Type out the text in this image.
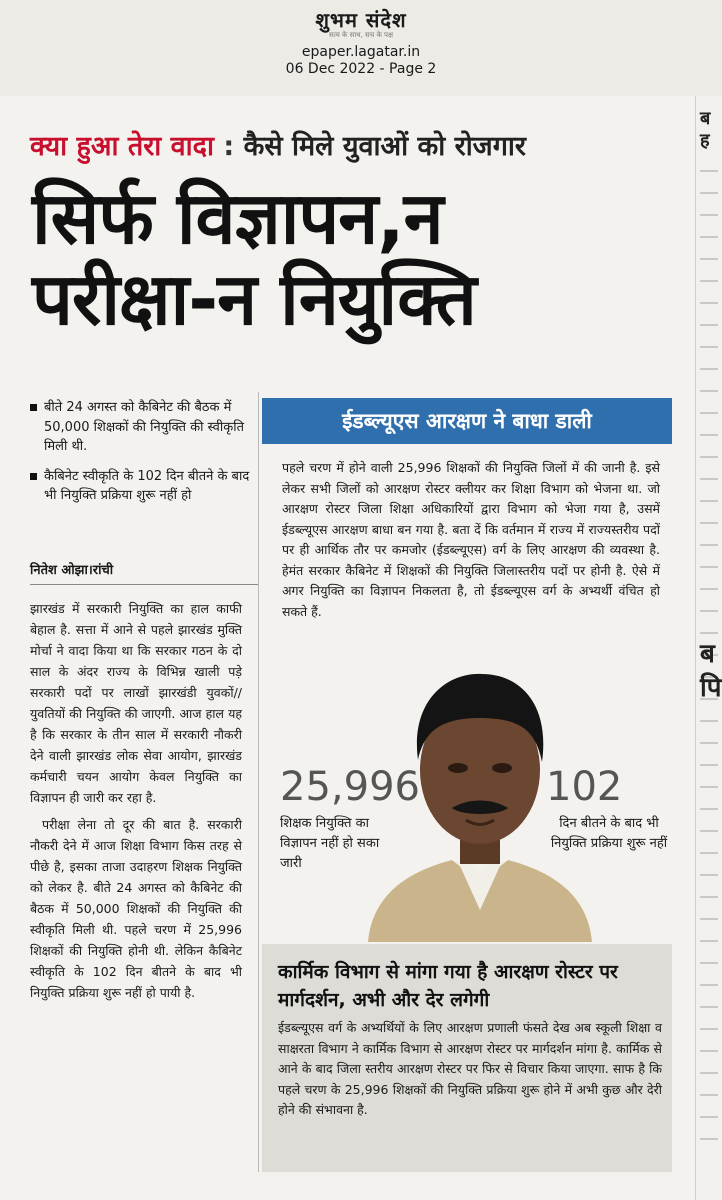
शुभम संदेश
सत्य के साथ, सच के पक्ष
epaper.lagatar.in
06 Dec 2022 - Page 2
ब
ह
ब
पि
क्या हुआ तेरा वादा : कैसे मिले युवाओं को रोजगार
सिर्फ विज्ञापन,न
परीक्षा-न नियुक्ति
बीते 24 अगस्त को कैबिनेट की बैठक में 50,000 शिक्षकों की नियुक्ति की स्वीकृति मिली थी.
कैबिनेट स्वीकृति के 102 दिन बीतने के बाद भी नियुक्ति प्रक्रिया शुरू नहीं हो
नितेश ओझा।रांची

झारखंड में सरकारी नियुक्ति का हाल काफी बेहाल है. सत्ता में आने से पहले झारखंड मुक्ति मोर्चा ने वादा किया था कि सरकार गठन के दो साल के अंदर राज्य के विभिन्न खाली पड़े सरकारी पदों पर लाखों झारखंडी युवकों//युवतियों की नियुक्ति की जाएगी. आज हाल यह है कि सरकार के तीन साल में सरकारी नौकरी देने वाली झारखंड लोक सेवा आयोग, झारखंड कर्मचारी चयन आयोग केवल नियुक्ति का विज्ञापन ही जारी कर रहा है.

परीक्षा लेना तो दूर की बात है. सरकारी नौकरी देने में आज शिक्षा विभाग किस तरह से पीछे है, इसका ताजा उदाहरण शिक्षक नियुक्ति को लेकर है. बीते 24 अगस्त को कैबिनेट की बैठक में 50,000 शिक्षकों की नियुक्ति की स्वीकृति मिली थी. पहले चरण में 25,996 शिक्षकों की नियुक्ति होनी थी. लेकिन कैबिनेट स्वीकृति के 102 दिन बीतने के बाद भी नियुक्ति प्रक्रिया शुरू नहीं हो पायी है.

ईडब्ल्यूएस आरक्षण ने बाधा डाली
पहले चरण में होने वाली 25,996 शिक्षकों की नियुक्ति जिलों में की जानी है. इसे लेकर सभी जिलों को आरक्षण रोस्टर क्लीयर कर शिक्षा विभाग को भेजना था. जो आरक्षण रोस्टर जिला शिक्षा अधिकारियों द्वारा विभाग को भेजा गया है, उसमें ईडब्ल्यूएस आरक्षण बाधा बन गया है. बता दें कि वर्तमान में राज्य में राज्यस्तरीय पदों पर ही आर्थिक तौर पर कमजोर (ईडब्ल्यूएस) वर्ग के लिए आरक्षण की व्यवस्था है. हेमंत सरकार कैबिनेट में शिक्षकों की नियुक्ति जिलास्तरीय पदों पर होनी है. ऐसे में अगर नियुक्ति का विज्ञापन निकलता है, तो ईडब्ल्यूएस वर्ग के अभ्यर्थी वंचित हो सकते हैं.
25,996
शिक्षक नियुक्ति का विज्ञापन नहीं हो सका जारी
102
दिन बीतने के बाद भी नियुक्ति प्रक्रिया शुरू नहीं
कार्मिक विभाग से मांगा गया है आरक्षण रोस्टर पर मार्गदर्शन, अभी और देर लगेगी
ईडब्ल्यूएस वर्ग के अभ्यर्थियों के लिए आरक्षण प्रणाली फंसते देख अब स्कूली शिक्षा व साक्षरता विभाग ने कार्मिक विभाग से आरक्षण रोस्टर पर मार्गदर्शन मांगा है. कार्मिक से आने के बाद जिला स्तरीय आरक्षण रोस्टर पर फिर से विचार किया जाएगा. साफ है कि पहले चरण के 25,996 शिक्षकों की नियुक्ति प्रक्रिया शुरू होने में अभी कुछ और देरी होने की संभावना है.
